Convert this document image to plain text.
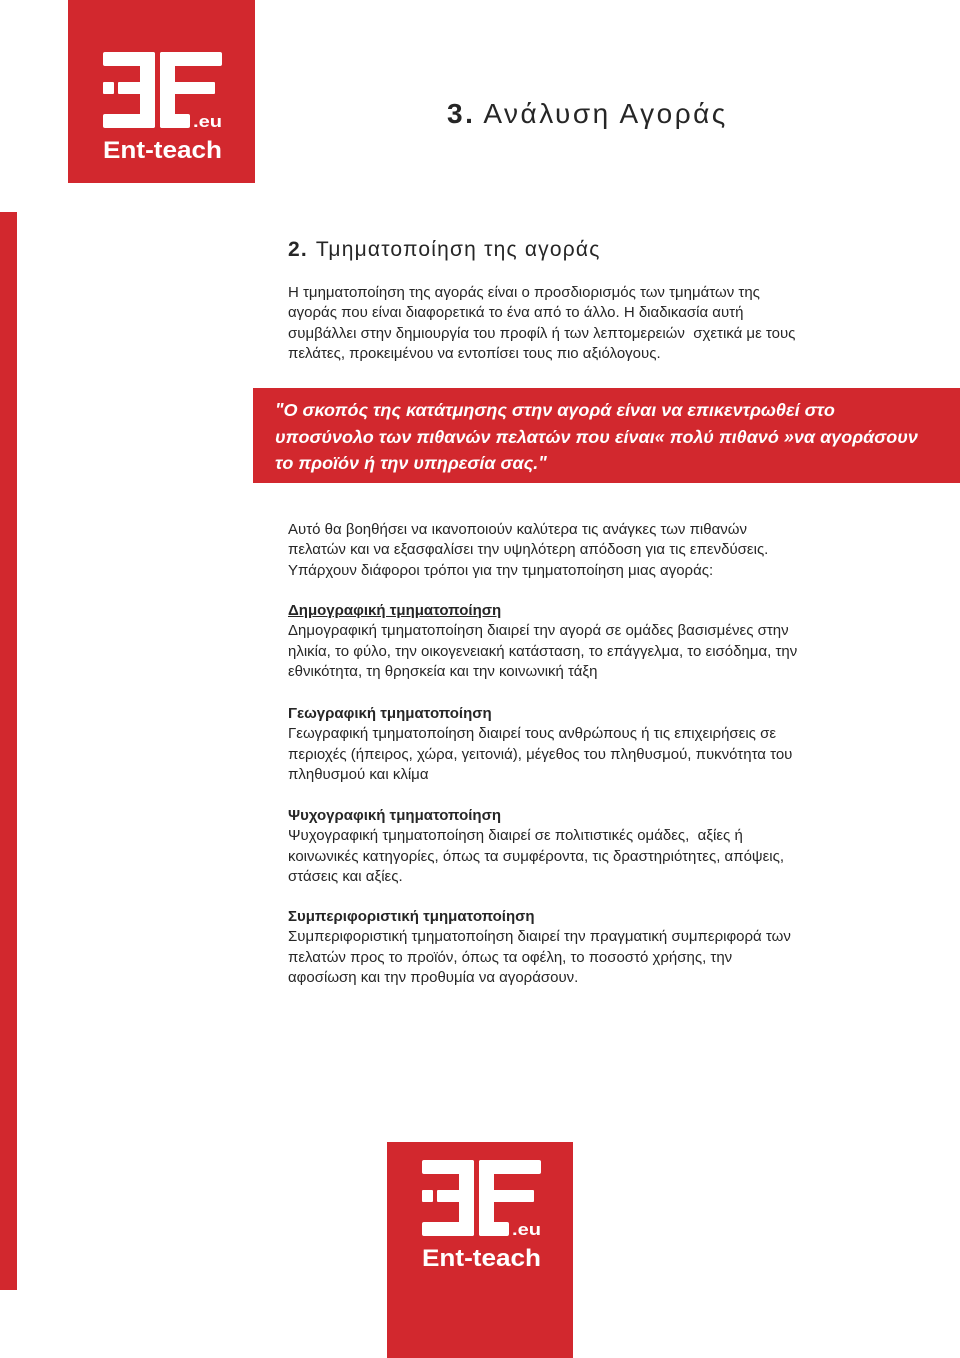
.eu
Ent-teach
3. Ανάλυση Αγοράς
2. Τμηματοποίηση της αγοράς
Η τμηματοποίηση της αγοράς είναι ο προσδιορισμός των τμημάτων της
αγοράς που είναι διαφορετικά το ένα από το άλλο. Η διαδικασία αυτή
συμβάλλει στην δημιουργία του προφίλ ή των λεπτομερειών  σχετικά με τους
πελάτες, προκειμένου να εντοπίσει τους πιο αξιόλογους.
"Ο σκοπός της κατάτμησης στην αγορά είναι να επικεντρωθεί στο
υποσύνολο των πιθανών πελατών που είναι« πολύ πιθανό »να αγοράσουν
το προϊόν ή την υπηρεσία σας."
Αυτό θα βοηθήσει να ικανοποιούν καλύτερα τις ανάγκες των πιθανών
πελατών και να εξασφαλίσει την υψηλότερη απόδοση για τις επενδύσεις.
Υπάρχουν διάφοροι τρόποι για την τμηματοποίηση μιας αγοράς:
Δημογραφική τμηματοποίηση
Δημογραφική τμηματοποίηση διαιρεί την αγορά σε ομάδες βασισμένες στην
ηλικία, το φύλο, την οικογενειακή κατάσταση, το επάγγελμα, το εισόδημα, την
εθνικότητα, τη θρησκεία και την κοινωνική τάξη
Γεωγραφική τμηματοποίηση
Γεωγραφική τμηματοποίηση διαιρεί τους ανθρώπους ή τις επιχειρήσεις σε
περιοχές (ήπειρος, χώρα, γειτονιά), μέγεθος του πληθυσμού, πυκνότητα του
πληθυσμού και κλίμα
Ψυχογραφική τμηματοποίηση
Ψυχογραφική τμηματοποίηση διαιρεί σε πολιτιστικές ομάδες,  αξίες ή
κοινωνικές κατηγορίες, όπως τα συμφέροντα, τις δραστηριότητες, απόψεις,
στάσεις και αξίες.
Συμπεριφοριστική τμηματοποίηση
Συμπεριφοριστική τμηματοποίηση διαιρεί την πραγματική συμπεριφορά των
πελατών προς το προϊόν, όπως τα οφέλη, το ποσοστό χρήσης, την
αφοσίωση και την προθυμία να αγοράσουν.
.eu
Ent-teach
